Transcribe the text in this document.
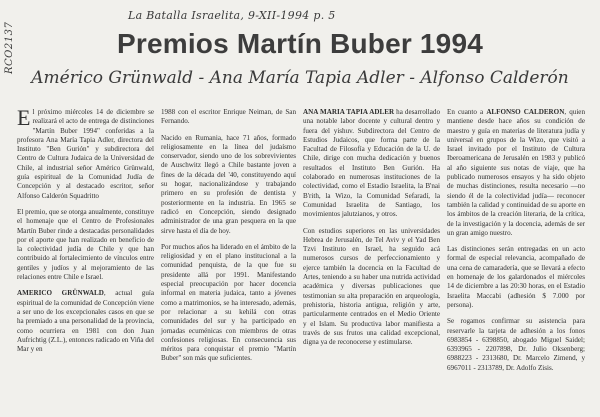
La Batalla Israelita, 9-XII-1994 p. 5
RCO2137	Premios Martín Buber 1994
Américo Grünwald - Ana María Tapia Adler - Alfonso Calderón

El próximo miércoles 14 de diciembre se realizará el acto de entrega de distinciones "Martín Buber 1994" conferidas a la profesora Ana María Tapia Adler, directora del Instituto "Ben Gurión" y subdirectora del Centro de Cultura Judaica de la Universidad de Chile, al industrial señor Américo Grünwald, guía espiritual de la Comunidad Judía de Concepción y al destacado escritor, señor Alfonso Calderón Squadritto

El premio, que se otorga anualmente, constituye el homenaje que el Centro de Profesionales Martín Buber rinde a destacadas personalidades por el aporte que han realizado en beneficio de la colectividad judía de Chile y que han contribuido al fortalecimiento de vínculos entre gentiles y judíos y al mejoramiento de las relaciones entre Chile e Israel.

AMERICO GRÜNWALD, actual guía espiritual de la comunidad de Concepción viene a ser uno de los excepcionales casos en que se ha premiado a una personalidad de la provincia, como ocurriera en 1981 con don Juan Aufrichtig (Z.L.), entonces radicado en Viña del Mar y en

1988 con el escritor Enrique Neiman, de San Fernando.

Nacido en Rumania, hace 71 años, formado religiosamente en la línea del judaísmo conservador, siendo uno de los sobrevivientes de Auschwitz llegó a Chile bastante joven a fines de la década del '40, constituyendo aquí su hogar, nacionalizándose y trabajando primero en su profesión de dentista y posteriormente en la industria. En 1965 se radicó en Concepción, siendo designado administrador de una gran pesquera en la que sirve hasta el día de hoy.

Por muchos años ha liderado en el ámbito de la religiosidad y en el plano institucional a la comunidad penquista, de la que fue su presidente allá por 1991. Manifestando especial preocupación por hacer docencia informal en materia judaica, tanto a jóvenes como a matrimonios, se ha interesado, además, por relacionar a su kehilá con otras comunidades del sur y ha participado en jornadas ecuménicas con miembros de otras confesiones religiosas. En consecuencia sus méritos para conquistar el premio "Martín Buber" son más que suficientes.

ANA MARIA TAPIA ADLER ha desarrollado una notable labor docente y cultural dentro y fuera del yishuv. Subdirectora del Centro de Estudios Judaicos, que forma parte de la Facultad de Filosofía y Educación de la U. de Chile, dirige con mucha dedicación y buenos resultados el Instituto Ben Gurión. Ha colaborado en numerosas instituciones de la colectividad, como el Estadio Israelita, la B'nai B'rith, la Wizo, la Comunidad Sefaradí, la Comunidad Israelita de Santiago, los movimientos jalutzianos, y otros.

Con estudios superiores en las universidades Hebrea de Jerusalén, de Tel Aviv y el Yad Ben Tzvi Instituto en Israel, ha seguido acá numerosos cursos de perfeccionamiento y ejerce también la docencia en la Facultad de Artes, teniendo a su haber una nutrida actividad académica y diversas publicaciones que testimonian su alta preparación en arqueología, prehistoria, historia antigua, religión y arte, particularmente centrados en el Medio Oriente y el Islam. Su productiva labor manifiesta a través de sus frutos una calidad excepcional, digna ya de reconocerse y estimularse.

En cuanto a ALFONSO CALDERON, quien mantiene desde hace años su condición de maestro y guía en materias de literatura judía y universal en grupos de la Wizo, que visitó a Israel invitado por el Instituto de Cultura Iberoamericana de Jerusalén en 1983 y publicó al año siguiente sus notas de viaje, que ha publicado numerosos ensayos y ha sido objeto de muchas distinciones, resulta necesario —no siendo él de la colectividad judía— reconocer también la calidad y continuidad de su aporte en los ámbitos de la creación literaria, de la crítica, de la investigación y la docencia, además de ser un gran amigo nuestro.

Las distinciones serán entregadas en un acto formal de especial relevancia, acompañado de una cena de camaradería, que se llevará a efecto en homenaje de los galardonados el miércoles 14 de diciembre a las 20:30 horas, en el Estadio Israelita Maccabi (adhesión $ 7.000 por persona).

Se rogamos confirmar su asistencia para reservarle la tarjeta de adhesión a los fonos 6983854 - 6398850, abogado Miguel Saidel; 6393965 - 2207898, Dr. Julio Oksenberg; 6988223 - 2313680, Dr. Marcelo Zimend, y 6967011 - 2313789, Dr. Adolfo Zisis.
